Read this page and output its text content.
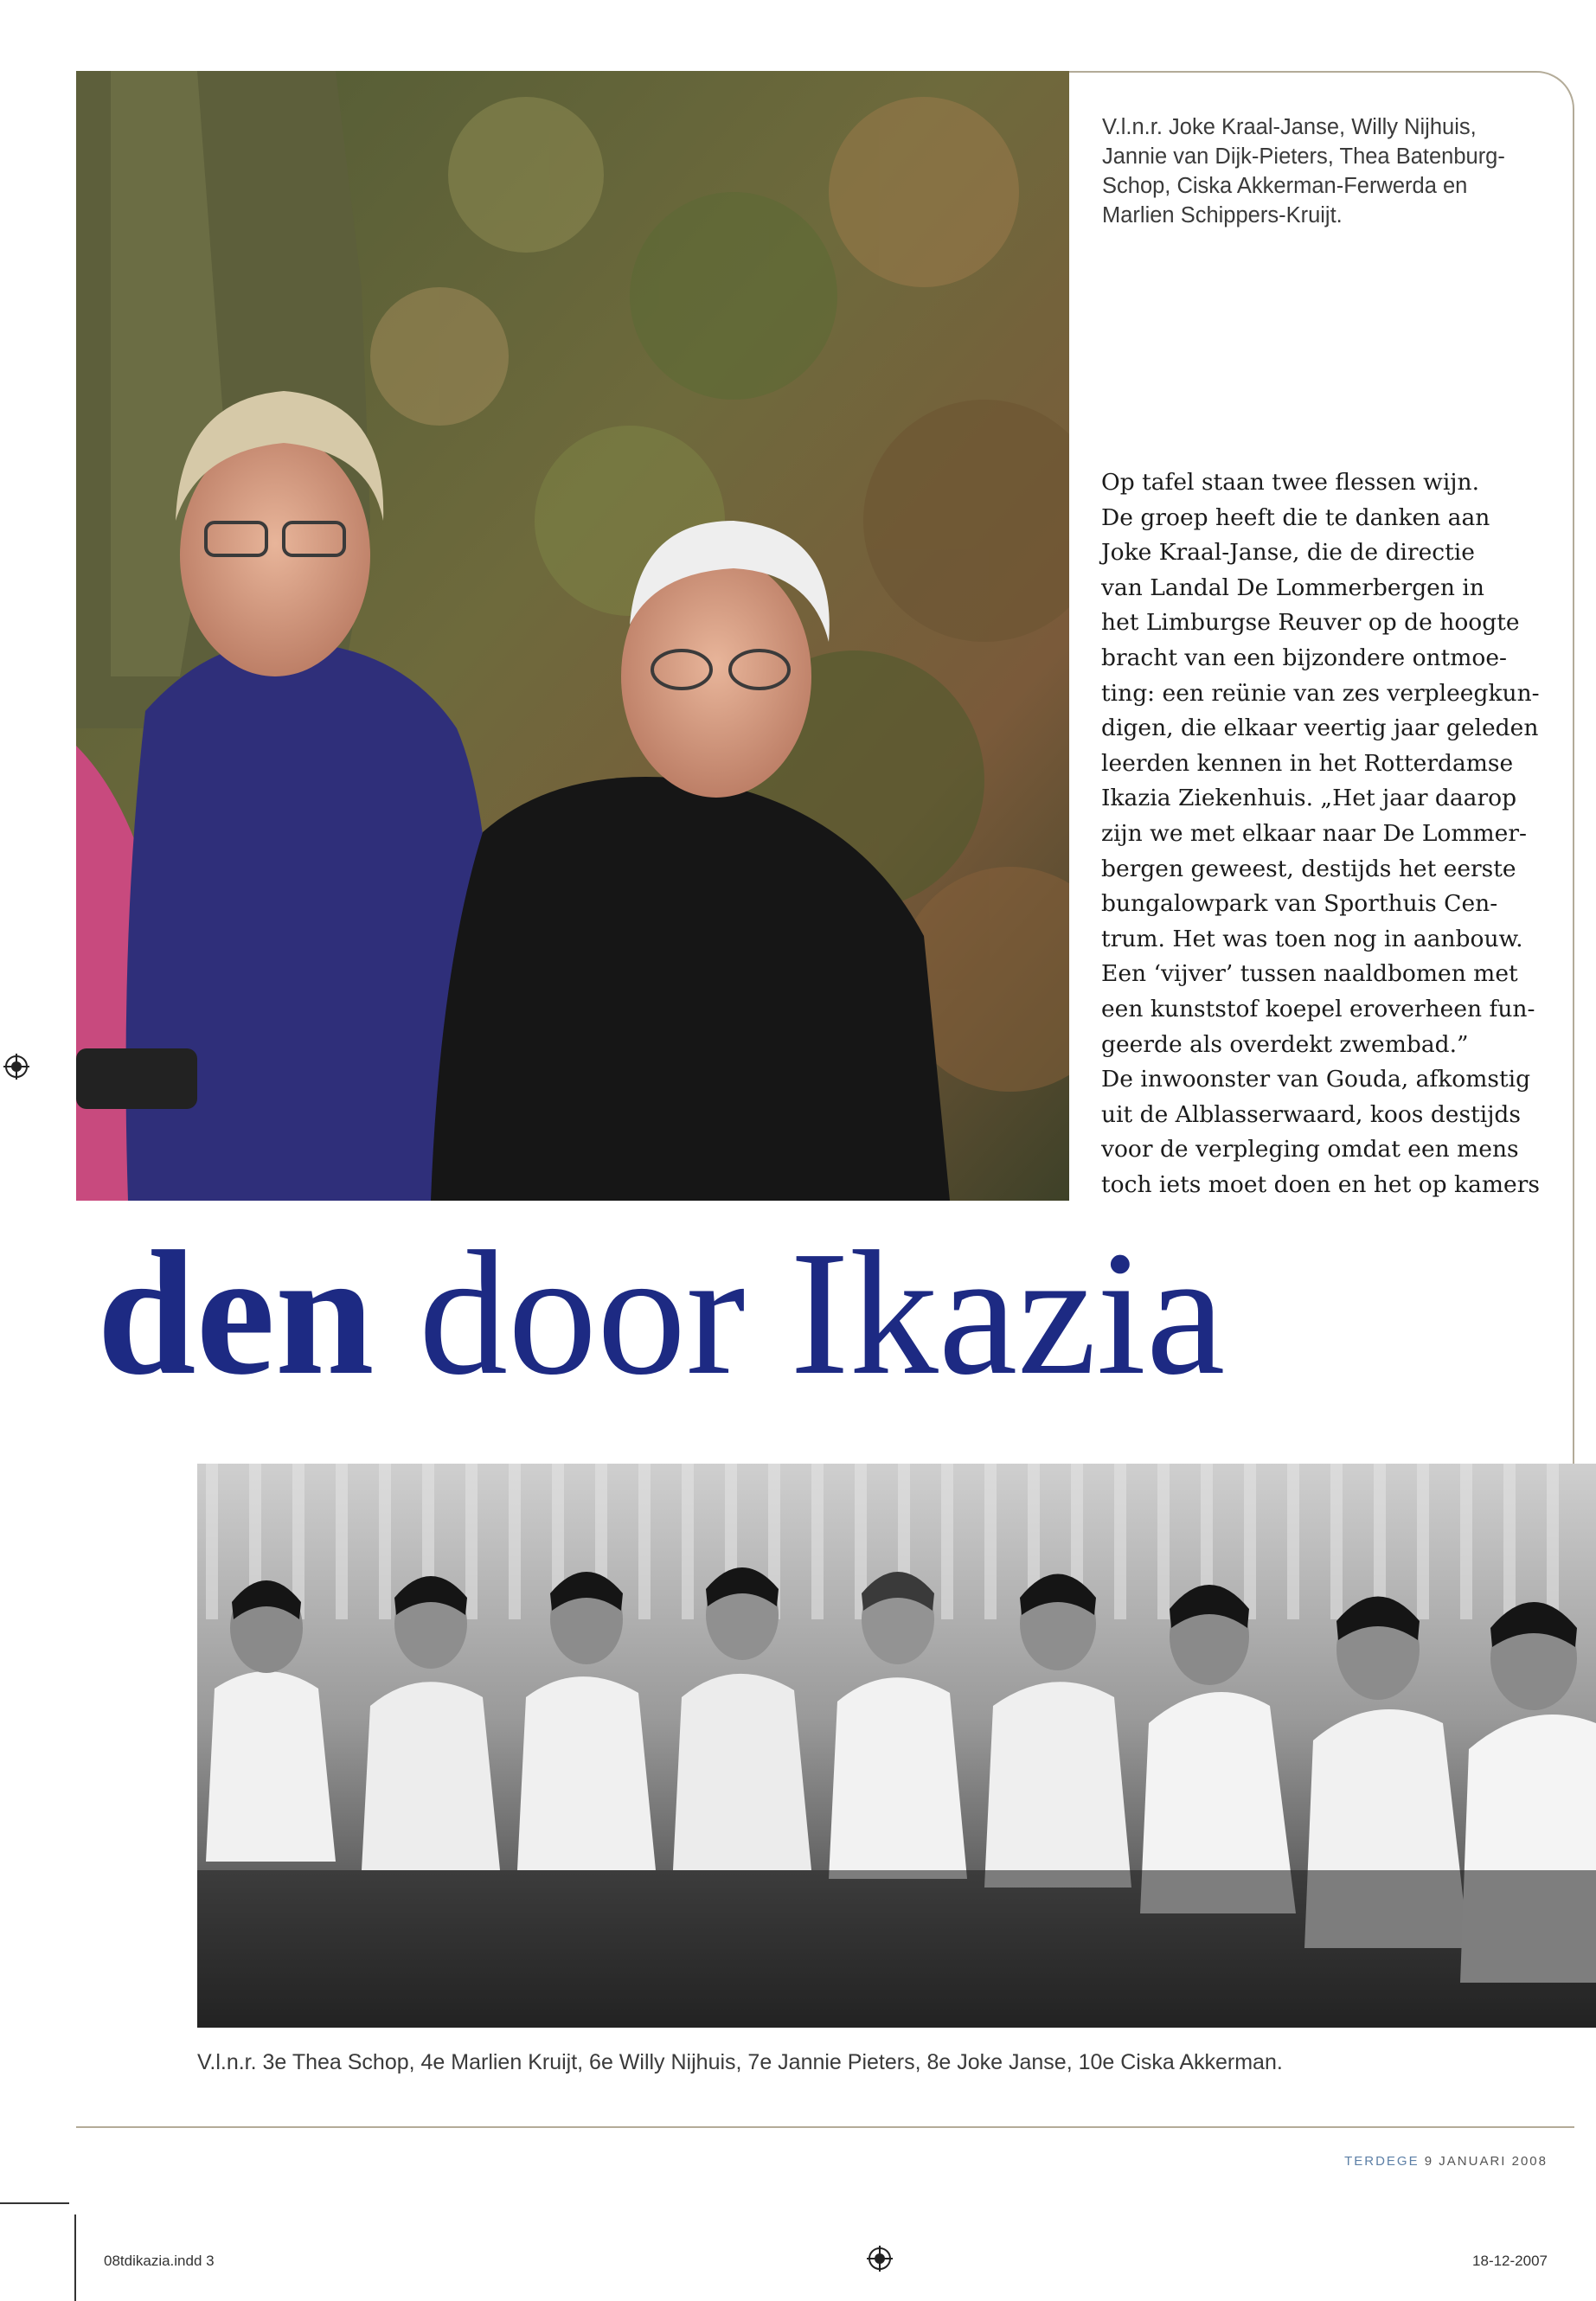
V.l.n.r. Joke Kraal-Janse, Willy Nijhuis, Jannie van Dijk-Pieters, Thea Batenburg-Schop, Ciska Akkerman-Ferwerda en Marlien Schippers-Kruijt.

Op tafel staan twee flessen wijn.
De groep heeft die te danken aan
Joke Kraal-Janse, die de directie
van Landal De Lommerbergen in
het Limburgse Reuver op de hoogte
bracht van een bijzondere ontmoe-
ting: een reünie van zes verpleegkun-
digen, die elkaar veertig jaar geleden
leerden kennen in het Rotterdamse
Ikazia Ziekenhuis. „Het jaar daarop
zijn we met elkaar naar De Lommer-
bergen geweest, destijds het eerste
bungalowpark van Sporthuis Cen-
trum. Het was toen nog in aanbouw.
Een ‘vijver’ tussen naaldbomen met
een kunststof koepel eroverheen fun-
geerde als overdekt zwembad.”
De inwoonster van Gouda, afkomstig
uit de Alblasserwaard, koos destijds
voor de verpleging omdat een mens
toch iets moet doen en het op kamers
den door Ikazia

V.l.n.r. 3e Thea Schop, 4e Marlien Kruijt, 6e Willy Nijhuis, 7e Jannie Pieters, 8e Joke Janse, 10e Ciska Akkerman.

TERDEGE 9 JANUARI 2008
08tdikazia.indd 3	18-12-2007
